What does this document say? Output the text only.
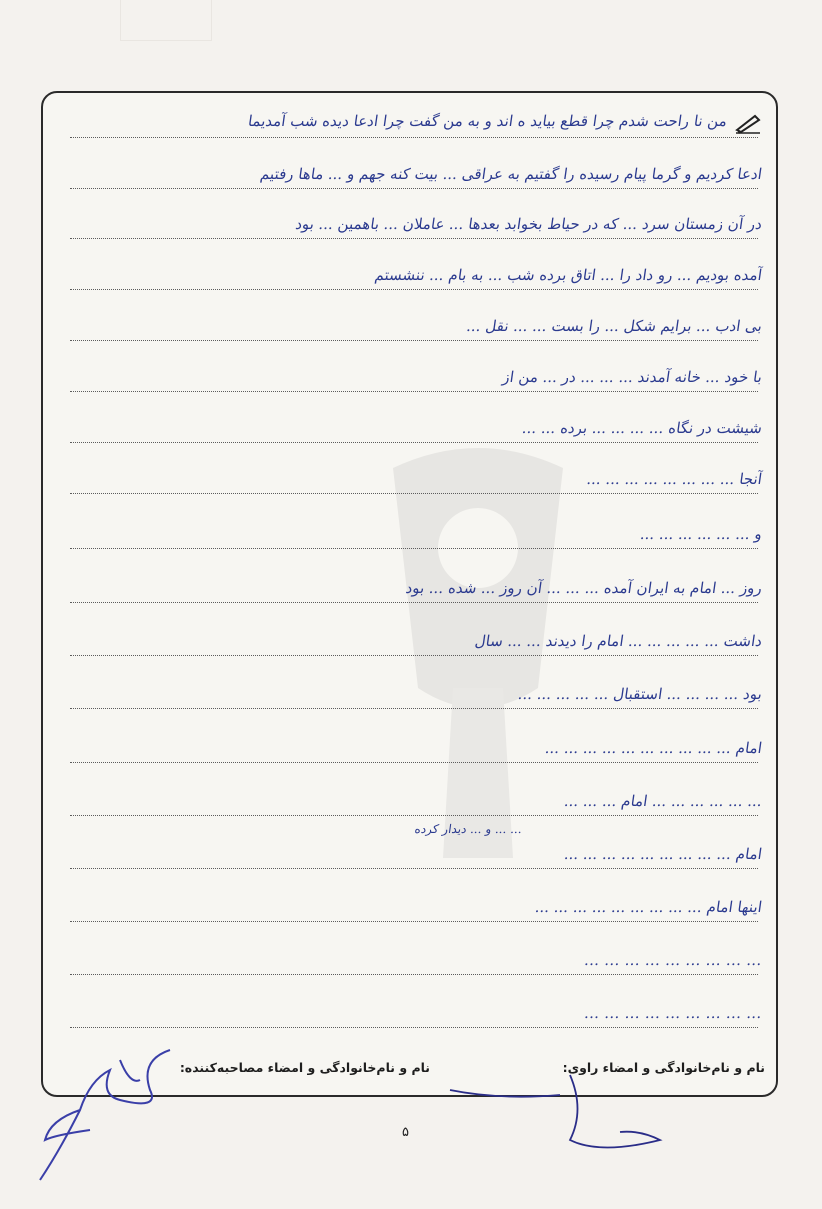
من نا راحت شدم چرا قطع بیاید ه ‌اند و به من گفت چرا ادعا دیده شب آمدیما
ادعا کردیم و گرما پیام رسیده را گفتیم به عراقی ... بیت کنه جهم و ... ماها رفتیم
در آن زمستان سرد ... که در حیاط بخوابد بعدها ... عاملان ... باهمین ... بود
آمده بودیم ... رو داد را ... اتاق برده شب ... به بام ... ننشستم
بی ادب ... برایم شکل ... را بست ... ... نقل ...
با خود ... خانه آمدند ... ... ... در ... من از
شیشت در نگاه ... ... ... ... برده ... ...
آنجا ... ... ... ... ... ... ... ...
و ... ... ... ... ... ...
روز ... امام به ایران آمده ... ... ... آن روز ... شده ... بود
داشت ... ... ... ... ... امام را دیدند ... ... سال
بود ... ... ... ... استقبال ... ... ... ... ...
امام ... ... ... ... ... ... ... ... ... ...
... ... ... ... ... ... امام ... ... ...
امام ... ... ... ... ... ... ... ... ...
اینها امام ... ... ... ... ... ... ... ... ...
... ... ... ... ... ... ... ... ...
... ... ... ... ... ... ... ... ...
... ... و ... دیدار کرده
نام و نام‌خانوادگی و امضاء راوی:
نام و نام‌خانوادگی و امضاء مصاحبه‌کننده:
۵
